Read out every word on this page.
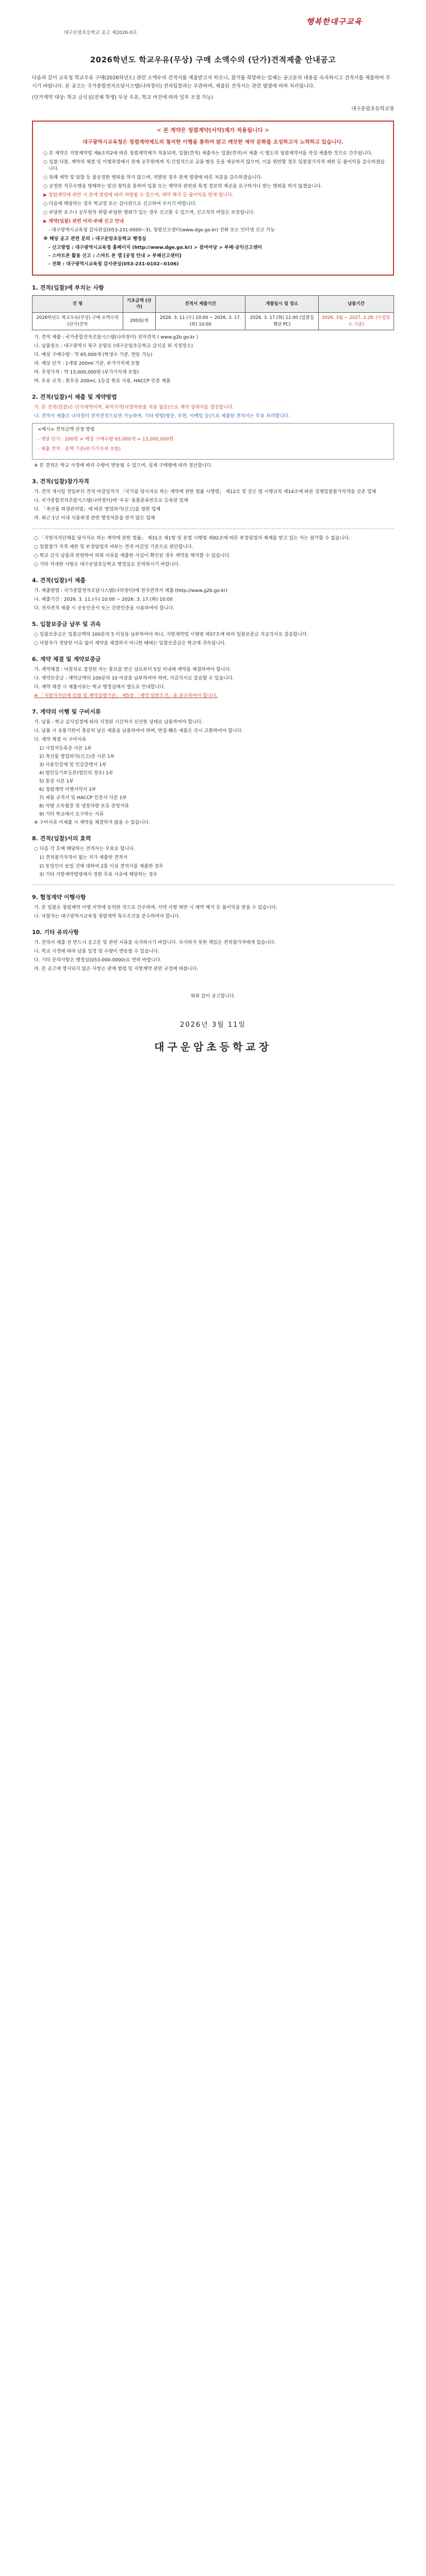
대구운암초등학교 공고 제2026-0호
행복한대구교육
2026학년도 학교우유(무상) 구매 소액수의 (단가)견적제출 안내공고

다음과 같이 교육청 학교우유 구매(2026학년도) 관련 소액수의 견적서를 제출받고자 하오니, 참가를 희망하는 업체는 공고문의 내용을 숙지하시고 견적서를 제출하여 주시기 바랍니다. 본 공고는 국가종합전자조달시스템(나라장터) 전자입찰과는 무관하며, 제출된 견적서는 관련 법령에 따라 처리됩니다.

(단가계약 대상: 학교 급식실(전체 학생) 무상 우유, 학교 여건에 따라 일부 조정 가능)

대구운암초등학교장

< 본 계약은 청렴계약(서약)제가 적용됩니다 >
대구광역시교육청은 청렴계약제도의 철저한 이행을 통하여 맑고 깨끗한 계약 문화를 조성하고자 노력하고 있습니다.

○ 본 계약은 지방계약법 제6조의2에 따른 청렴계약제가 적용되며, 입찰(견적) 제출자는 입찰(견적)서 제출 시 별도의 청렴계약서를 작성·제출한 것으로 간주됩니다.

○ 입찰·낙찰, 계약의 체결 및 이행과정에서 관계 공무원에게 직·간접적으로 금품·향응 등을 제공하지 않으며, 이를 위반할 경우 입찰참가자격 제한 등 불이익을 감수하겠습니다.

○ 특혜 계약 및 담합 등 불공정한 행위를 하지 않으며, 적발된 경우 관계 법령에 따른 처분을 감수하겠습니다.

○ 공정한 직무수행을 방해하는 알선·청탁을 통하여 입찰 또는 계약과 관련된 특정 정보의 제공을 요구하거나 받는 행위를 하지 않겠습니다.

▶ 청렴계약제 위반 시 관계 법령에 따라 처벌될 수 있으며, 계약 해지 등 불이익을 받게 됩니다.

○ 다음에 해당하는 경우 학교장 또는 감사관으로 신고하여 주시기 바랍니다.

○ 부당한 요구나 공무원의 위법·부당한 행위가 있는 경우 신고할 수 있으며, 신고자의 비밀은 보장됩니다.

▶ 계약(입찰) 관련 비리·부패 신고 안내

- 대구광역시교육청 감사관실(053-231-0000~3), 청렴신고센터(www.dge.go.kr) 전화 또는 인터넷 신고 가능

※ 해당 공고 관련 문의 : 대구운암초등학교 행정실

- 신고방법 : 대구광역시교육청 홈페이지 (http://www.dge.go.kr) > 참여마당 > 부패·공익신고센터

- 스마트폰 활용 신고 : 스마트 폰 앱 [공정 안내 > 부패신고센터]

- 전화 : 대구광역시교육청 감사관실(053-231-0102~0106)

1. 견적(입찰)에 부치는 사항
건 명	기초금액 (단가)	견적서 제출기간	개찰일시 및 장소	납품기간
2026학년도 학교우유(무상) 구매 소액수의 (단가)견적	200원/개	2026. 3. 11.(수) 10:00 ~ 2026. 3. 17.(화) 10:00	2026. 3. 17.(화) 11:00 (입찰집행관 PC)	2026. 3월 ~ 2027. 2.28. (수업일수 기준)

가. 견적 제출 : 국가종합전자조달시스템(나라장터) 전자견적 ( www.g2b.go.kr )

나. 납품장소 : 대구광역시 북구 운암로 (대구운암초등학교 급식실 외 지정장소)

다. 예상 구매수량 : 약 65,000개 (학생수 기준, 변동 가능)

라. 예상 단가 : 1개당 200ml 기준, 부가가치세 포함

마. 추정가격 : 약 13,000,000원 (부가가치세 포함)

바. 우유 규격 : 흰우유 200ml, 1등급 원유 사용, HACCP 인증 제품

2. 견적(입찰)서 제출 및 계약방법

가. 본 견적(입찰)은 단가계약이며, 최저가격(낙찰하한율 적용 없음)으로 계약 상대자를 결정합니다.

나. 견적서 제출은 나라장터 전자견적으로만 가능하며, 기타 방법(방문, 우편, 이메일 등)으로 제출된 견적서는 무효 처리합니다.

<예시> 견적금액 산정 방법

- 개당 단가 : 200원 × 예상 구매수량 65,000개 = 13,000,000원

- 제출 견적 : 총액 기준(부가가치세 포함)

※ 본 견적은 학교 사정에 따라 수량이 변동될 수 있으며, 실제 구매량에 따라 정산합니다.

3. 견적(입찰)참가자격

가. 견적 개시일 전일부터 견적 마감일까지 「국가를 당사자로 하는 계약에 관한 법률 시행령」 제12조 및 같은 법 시행규칙 제14조에 따른 경쟁입찰참가자격을 갖춘 업체

나. 국가종합전자조달시스템(나라장터)에 '우유' 물품분류번호로 등록된 업체

다. 「축산물 위생관리법」에 따른 영업허가(신고)를 필한 업체

라. 최근 1년 이내 식품위생 관련 행정처분을 받지 않은 업체

○ 「지방자치단체를 당사자로 하는 계약에 관한 법률」 제31조 제1항 및 동법 시행령 제92조에 따른 부정당업자 제재를 받고 있는 자는 참가할 수 없습니다.

○ 입찰참가 자격 제한 및 부정당업자 여부는 견적 마감일 기준으로 판단합니다.

○ 학교 급식 납품과 관련하여 허위 서류를 제출한 사실이 확인된 경우 계약을 해지할 수 있습니다.

○ 기타 자세한 사항은 대구운암초등학교 행정실로 문의하시기 바랍니다.

4. 견적(입찰)서 제출

가. 제출방법 : 국가종합전자조달시스템(나라장터)에 전자견적서 제출 (http://www.g2b.go.kr)

나. 제출기간 : 2026. 3. 11.(수) 10:00 ~ 2026. 3. 17.(화) 10:00

다. 전자견적 제출 시 공동인증서 또는 간편인증을 사용하여야 합니다.

5. 입찰보증금 납부 및 귀속

○ 입찰보증금은 입찰금액의 100분의 5 이상을 납부하여야 하나, 지방계약법 시행령 제37조에 따라 입찰보증금 지급각서로 갈음합니다.

○ 낙찰자가 정당한 이유 없이 계약을 체결하지 아니한 때에는 입찰보증금은 학교에 귀속됩니다.

6. 계약 체결 및 계약보증금

가. 계약체결 : 낙찰자로 결정된 자는 통보를 받은 날로부터 5일 이내에 계약을 체결하여야 합니다.

나. 계약보증금 : 계약금액의 100분의 10 이상을 납부하여야 하며, 지급각서로 갈음할 수 있습니다.

다. 계약 체결 시 제출서류는 학교 행정실에서 별도로 안내합니다.

※ 「지방자치단체 입찰 및 계약집행기준」 제5장 「계약 일반조건」을 준수하여야 합니다.

7. 계약의 이행 및 구비서류

가. 납품 : 학교 급식일정에 따라 지정된 시간까지 신선한 상태로 납품하여야 합니다.

나. 납품 시 유통기한이 충분히 남은 제품을 납품하여야 하며, 변질·훼손 제품은 즉시 교환하여야 합니다.

다. 계약 체결 시 구비서류

1) 사업자등록증 사본 1부

2) 축산물 영업허가(신고)증 사본 1부

3) 사용인감계 및 인감증명서 1부

4) 법인등기부등본(법인의 경우) 1부

5) 통장 사본 1부

6) 청렴계약 이행서약서 1부

7) 제품 규격서 및 HACCP 인증서 사본 1부

8) 차량 소독필증 및 냉장차량 보유 증빙서류

9) 기타 학교에서 요구하는 서류

※ 구비서류 미제출 시 계약을 체결하지 않을 수 있습니다.

8. 견적(입찰)서의 효력

○ 다음 각 호에 해당하는 견적서는 무효로 합니다.

1) 견적참가자격이 없는 자가 제출한 견적서

2) 동일인이 동일 건에 대하여 2통 이상 견적서를 제출한 경우

3) 기타 지방계약법령에서 정한 무효 사유에 해당하는 경우

9. 협정계약 이행사항

가. 본 입찰은 청렴계약 이행 서약에 동의한 것으로 간주하며, 서약 사항 위반 시 계약 해지 등 불이익을 받을 수 있습니다.

나. 낙찰자는 대구광역시교육청 청렴계약 특수조건을 준수하여야 합니다.

10. 기타 유의사항

가. 견적서 제출 전 반드시 공고문 및 관련 서류를 숙지하시기 바랍니다. 숙지하지 못한 책임은 견적참가자에게 있습니다.

나. 학교 사정에 따라 납품 일정 및 수량이 변동될 수 있습니다.

다. 기타 문의사항은 행정실(053-000-0000)로 연락 바랍니다.

라. 본 공고에 명시되지 않은 사항은 관계 법령 및 지방계약 관련 규정에 따릅니다.

위와 같이 공고합니다.

2026년 3월 11일
대구운암초등학교장
